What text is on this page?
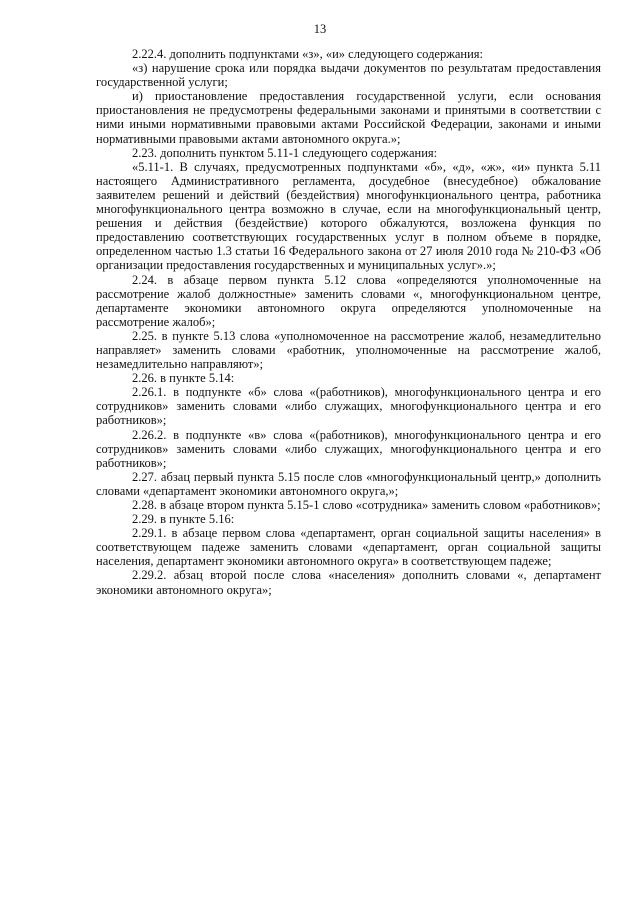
13

2.22.4. дополнить подпунктами «з», «и» следующего содержания:

«з) нарушение срока или порядка выдачи документов по результатам предоставления государственной услуги;

и) приостановление предоставления государственной услуги, если основания приостановления не предусмотрены федеральными законами и принятыми в соответствии с ними иными нормативными правовыми актами Российской Федерации, законами и иными нормативными правовыми актами автономного округа.»;

2.23. дополнить пунктом 5.11-1 следующего содержания:

«5.11-1. В случаях, предусмотренных подпунктами «б», «д», «ж», «и» пункта 5.11 настоящего Административного регламента, досудебное (внесудебное) обжалование заявителем решений и действий (бездействия) многофункционального центра, работника многофункционального центра возможно в случае, если на многофункциональный центр, решения и действия (бездействие) которого обжалуются, возложена функция по предоставлению соответствующих государственных услуг в полном объеме в порядке, определенном частью 1.3 статьи 16 Федерального закона от 27 июля 2010 года № 210-ФЗ «Об организации предоставления государственных и муниципальных услуг».»;

2.24. в абзаце первом пункта 5.12 слова «определяются уполномоченные на рассмотрение жалоб должностные» заменить словами «, многофункциональном центре, департаменте экономики автономного округа определяются уполномоченные на рассмотрение жалоб»;

2.25. в пункте 5.13 слова «уполномоченное на рассмотрение жалоб, незамедлительно направляет» заменить словами «работник, уполномоченные на рассмотрение жалоб, незамедлительно направляют»;

2.26. в пункте 5.14:

2.26.1. в подпункте «б» слова «(работников), многофункционального центра и его сотрудников» заменить словами «либо служащих, многофункционального центра и его работников»;

2.26.2. в подпункте «в» слова «(работников), многофункционального центра и его сотрудников» заменить словами «либо служащих, многофункционального центра и его работников»;

2.27. абзац первый пункта 5.15 после слов «многофункциональный центр,» дополнить словами «департамент экономики автономного округа,»;

2.28. в абзаце втором пункта 5.15-1 слово «сотрудника» заменить словом «работников»;

2.29. в пункте 5.16:

2.29.1. в абзаце первом слова «департамент, орган социальной защиты населения» в соответствующем падеже заменить словами «департамент, орган социальной защиты населения, департамент экономики автономного округа» в соответствующем падеже;

2.29.2. абзац второй после слова «населения» дополнить словами «, департамент экономики автономного округа»;
